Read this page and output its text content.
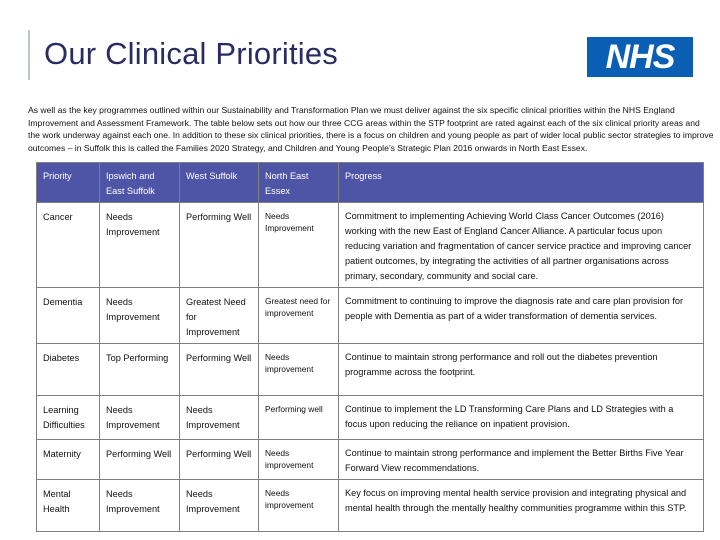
Our Clinical Priorities	NHS

As well as the key programmes outlined within our Sustainability and Transformation Plan we must deliver against the six specific clinical priorities within the NHS England Improvement and Assessment Framework. The table below sets out how our three CCG areas within the STP footprint are rated against each of the six clinical priority areas and the work underway against each one. In addition to these six clinical priorities, there is a focus on children and young people as part of wider local public sector strategies to improve outcomes – in Suffolk this is called the Families 2020 Strategy, and Children and Young People’s Strategic Plan 2016 onwards in North East Essex.

Priority	Ipswich and East Suffolk	West Suffolk	North East Essex	Progress
Cancer	Needs Improvement	Performing Well	Needs Improvement	Commitment to implementing Achieving World Class Cancer Outcomes (2016) working with the new East of England Cancer Alliance. A particular focus upon reducing variation and fragmentation of cancer service practice and improving cancer patient outcomes, by integrating the activities of all partner organisations across primary, secondary, community and social care.
Dementia	Needs Improvement	Greatest Need for Improvement	Greatest need for improvement	Commitment to continuing to improve the diagnosis rate and care plan provision for people with Dementia as part of a wider transformation of dementia services.
Diabetes	Top Performing	Performing Well	Needs improvement	Continue to maintain strong performance and roll out the diabetes prevention programme across the footprint.
Learning Difficulties	Needs Improvement	Needs Improvement	Performing well	Continue to implement the LD Transforming Care Plans and LD Strategies with a focus upon reducing the reliance on inpatient provision.
Maternity	Performing Well	Performing Well	Needs improvement	Continue to maintain strong performance and implement the Better Births Five Year Forward View recommendations.
Mental Health	Needs Improvement	Needs Improvement	Needs improvement	Key focus on improving mental health service provision and integrating physical and mental health through the mentally healthy communities programme within this STP.
